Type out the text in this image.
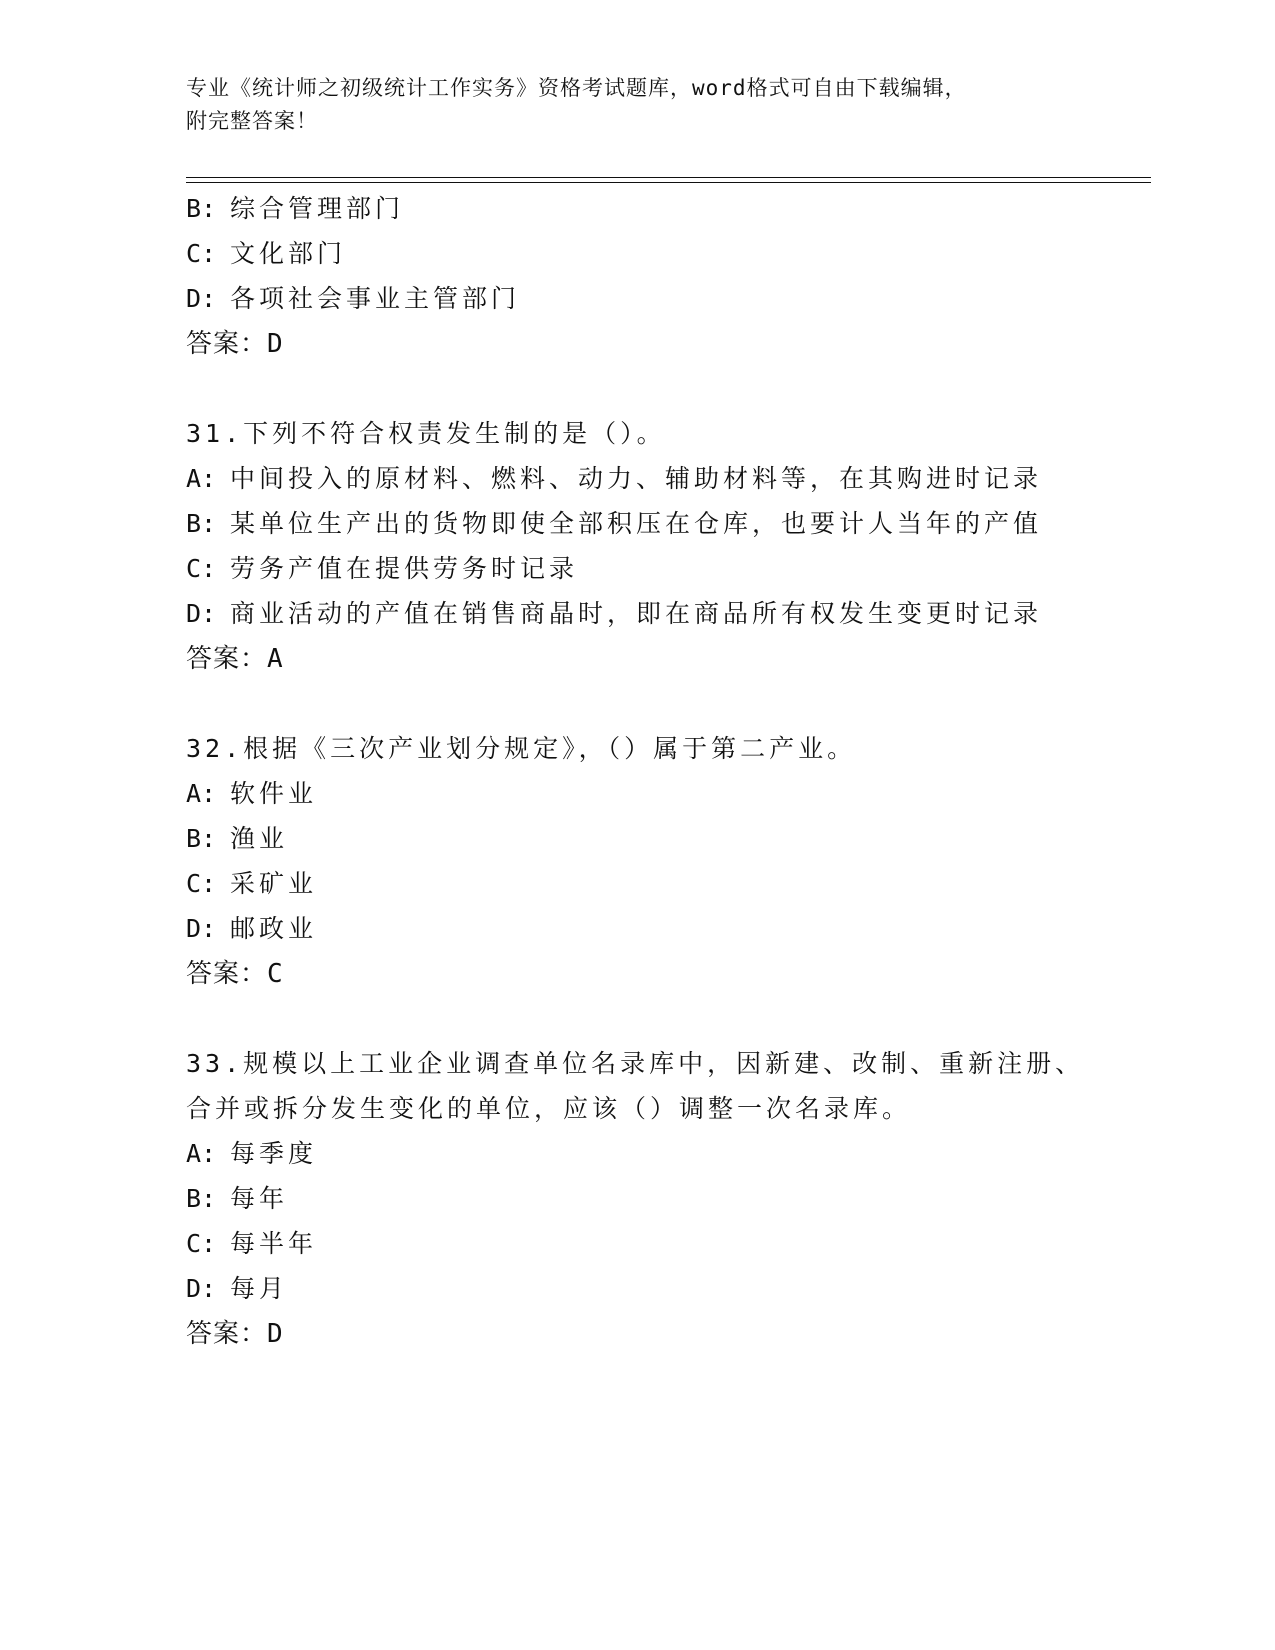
专业《统计师之初级统计工作实务》资格考试题库，word格式可自由下载编辑，

附完整答案！

B: 综合管理部门
C: 文化部门
D: 各项社会事业主管部门
答案：D
31.下列不符合权责发生制的是（）。
A: 中间投入的原材料、燃料、动力、辅助材料等，在其购进时记录
B: 某单位生产出的货物即使全部积压在仓库，也要计人当年的产值
C: 劳务产值在提供劳务时记录
D: 商业活动的产值在销售商晶时，即在商品所有权发生变更时记录
答案：A
32.根据《三次产业划分规定》，（）属于第二产业。
A: 软件业
B: 渔业
C: 采矿业
D: 邮政业
答案：C
33.规模以上工业企业调查单位名录库中，因新建、改制、重新注册、
合并或拆分发生变化的单位，应该（）调整一次名录库。
A: 每季度
B: 每年
C: 每半年
D: 每月
答案：D
